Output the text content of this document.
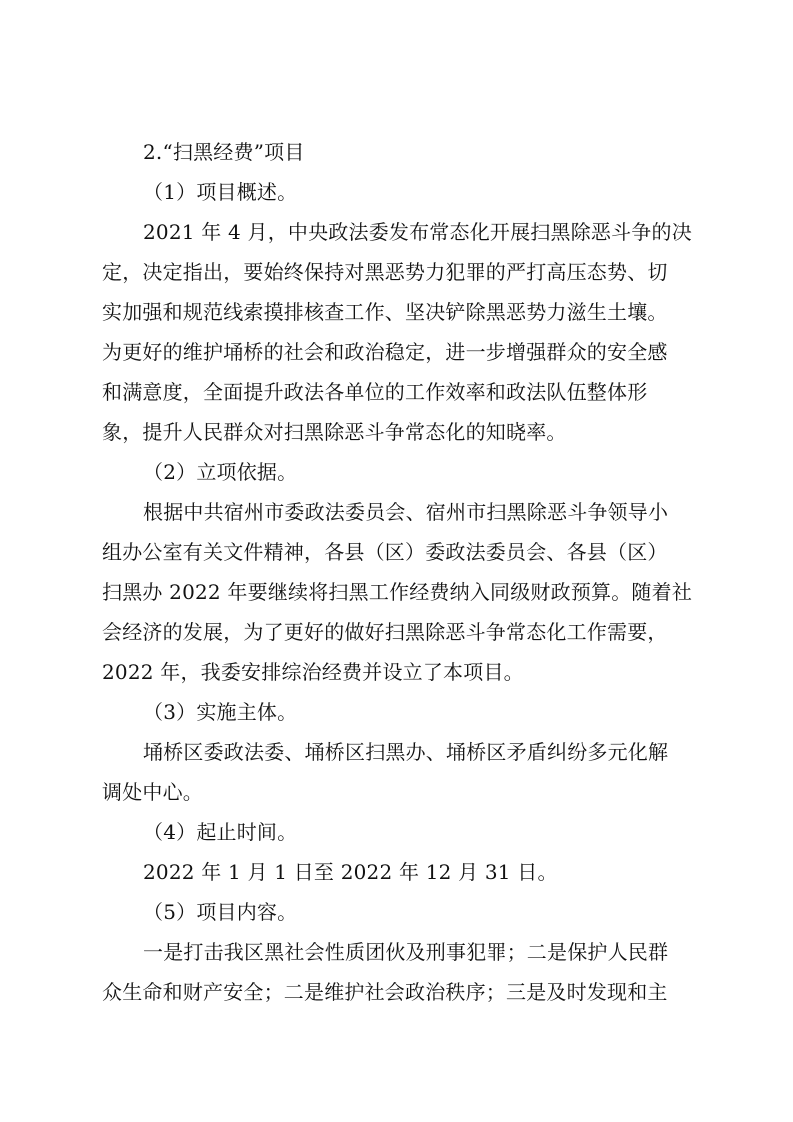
2.“扫黑经费”项目
（1）项目概述。
2021 年 4 月，中央政法委发布常态化开展扫黑除恶斗争的决
定，决定指出，要始终保持对黑恶势力犯罪的严打高压态势、切
实加强和规范线索摸排核查工作、坚决铲除黑恶势力滋生土壤。
为更好的维护埇桥的社会和政治稳定，进一步增强群众的安全感
和满意度，全面提升政法各单位的工作效率和政法队伍整体形
象，提升人民群众对扫黑除恶斗争常态化的知晓率。
（2）立项依据。
根据中共宿州市委政法委员会、宿州市扫黑除恶斗争领导小
组办公室有关文件精神，各县（区）委政法委员会、各县（区）
扫黑办 2022 年要继续将扫黑工作经费纳入同级财政预算。随着社
会经济的发展，为了更好的做好扫黑除恶斗争常态化工作需要，
2022 年，我委安排综治经费并设立了本项目。
（3）实施主体。
埇桥区委政法委、埇桥区扫黑办、埇桥区矛盾纠纷多元化解
调处中心。
（4）起止时间。
2022 年 1 月 1 日至 2022 年 12 月 31 日。
（5）项目内容。
一是打击我区黑社会性质团伙及刑事犯罪；二是保护人民群
众生命和财产安全；二是维护社会政治秩序；三是及时发现和主
